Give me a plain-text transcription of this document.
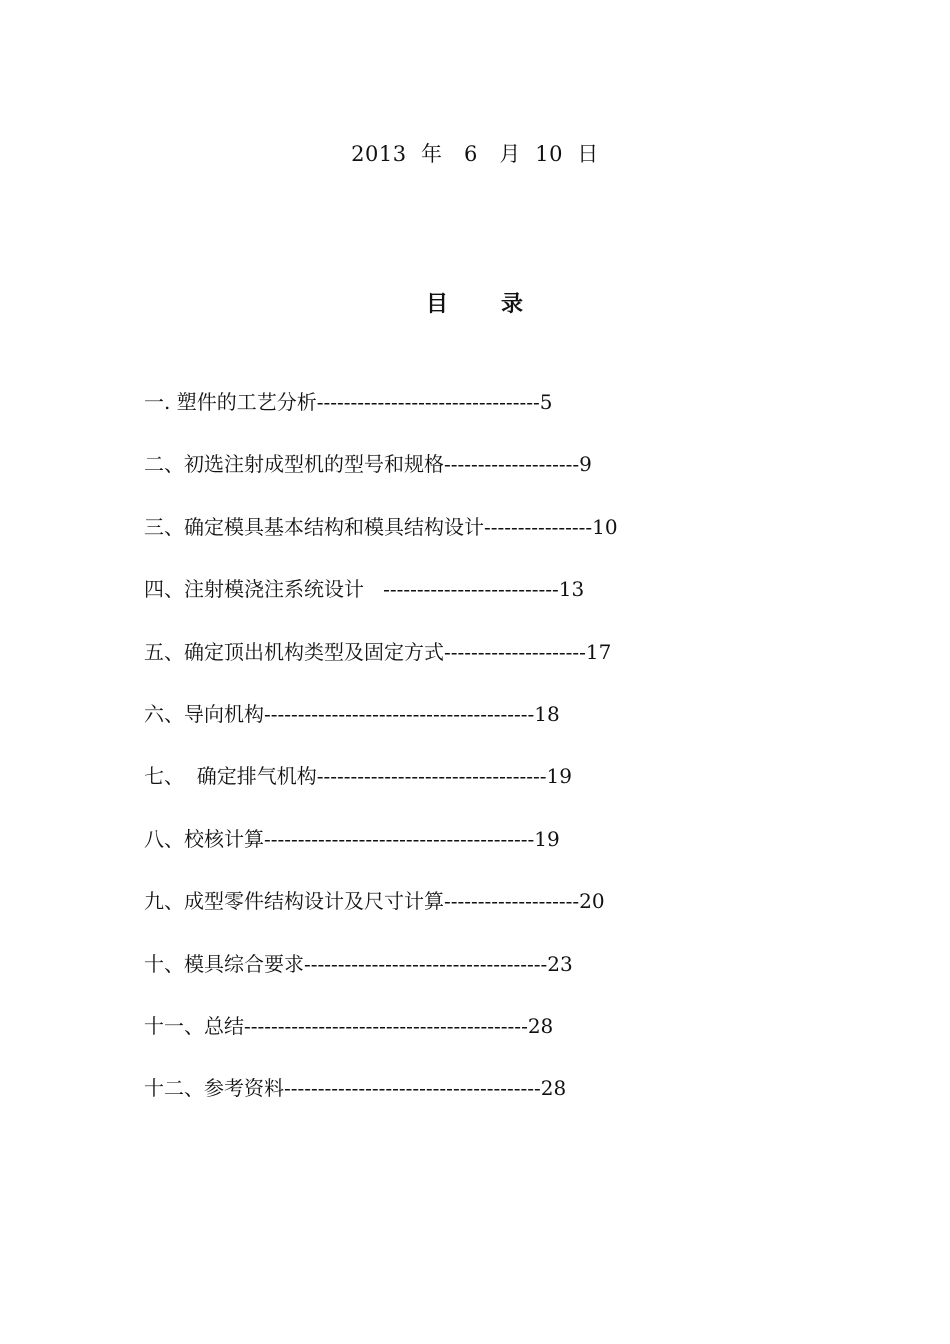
2013  年   6   月  10  日
目      录
一. 塑件的工艺分析---------------------------------5
二、初选注射成型机的型号和规格--------------------9
三、确定模具基本结构和模具结构设计----------------10
四、注射模浇注系统设计   --------------------------13
五、确定顶出机构类型及固定方式---------------------17
六、导向机构----------------------------------------18
七、  确定排气机构----------------------------------19
八、校核计算----------------------------------------19
九、成型零件结构设计及尺寸计算--------------------20
十、模具综合要求------------------------------------23
十一、总结------------------------------------------28
十二、参考资料--------------------------------------28
